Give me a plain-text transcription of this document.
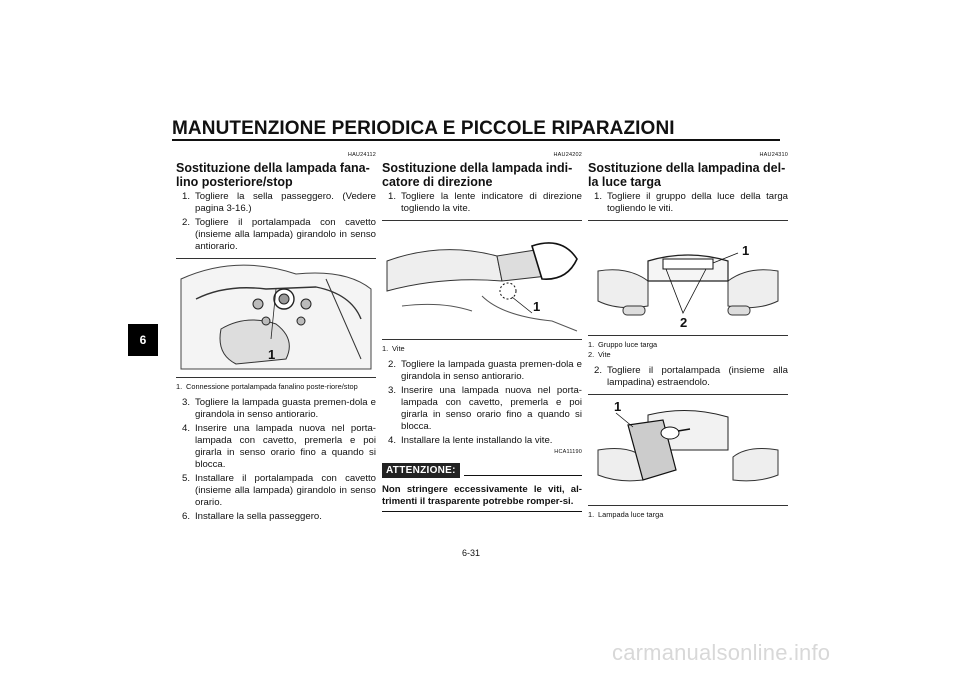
MANUTENZIONE PERIODICA E PICCOLE RIPARAZIONI
6
HAU24112
Sostituzione della lampada fana-lino posteriore/stop
1. Togliere la sella passeggero. (Vedere pagina 3-16.)
2. Togliere il portalampada con cavetto (insieme alla lampada) girandolo in senso antiorario.
1
1. Connessione portalampada fanalino poste-riore/stop
3. Togliere la lampada guasta premen-dola e girandola in senso antiorario.
4. Inserire una lampada nuova nel porta-lampada con cavetto, premerla e poi girarla in senso orario fino a quando si blocca.
5. Installare il portalampada con cavetto (insieme alla lampada) girandolo in senso orario.
6. Installare la sella passeggero.
HAU24202
Sostituzione della lampada indi-catore di direzione
1. Togliere la lente indicatore di direzione togliendo la vite.
1
1. Vite
2. Togliere la lampada guasta premen-dola e girandola in senso antiorario.
3. Inserire una lampada nuova nel porta-lampada con cavetto, premerla e poi girarla in senso orario fino a quando si blocca.
4. Installare la lente installando la vite.
HCA11190
ATTENZIONE:
Non stringere eccessivamente le viti, al-trimenti il trasparente potrebbe romper-si.
HAU24310
Sostituzione della lampadina del-la luce targa
1. Togliere il gruppo della luce della targa togliendo le viti.
1
2
1. Gruppo luce targa
2. Vite
2. Togliere il portalampada (insieme alla lampadina) estraendolo.
1
1. Lampada luce targa
6-31
carmanualsonline.info
